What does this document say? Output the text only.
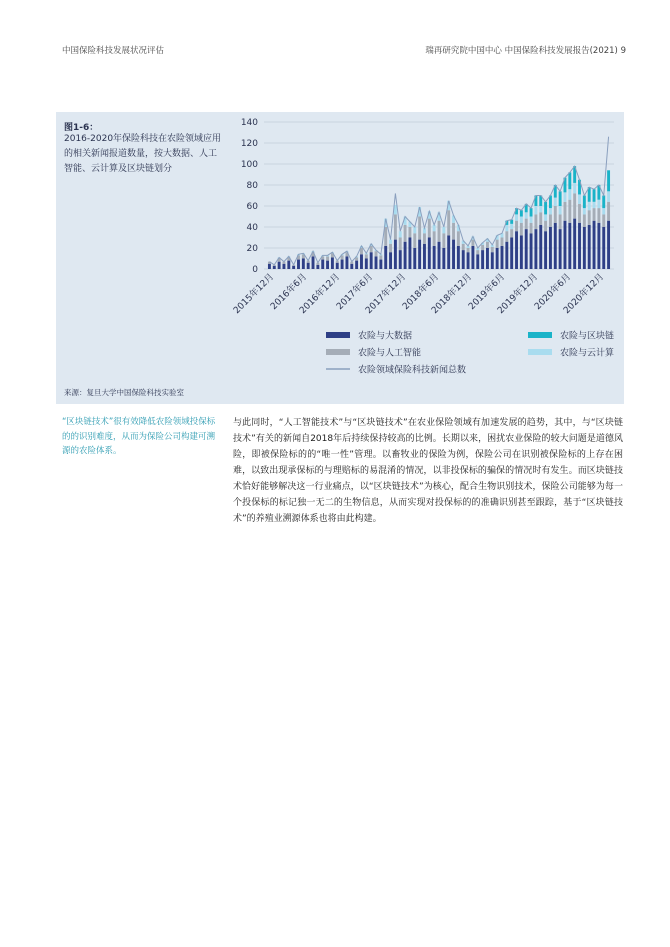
中国保险科技发展状况评估	瑞再研究院中国中心 中国保险科技发展报告(2021) 9
图1-6：
2016-2020年保险科技在农险领域应用的相关新闻报道数量，按大数据、人工智能、云计算及区块链划分
0
20
40
60
80
100
120
140
2015年12月
2016年6月
2016年12月
2017年6月
2017年12月
2018年6月
2018年12月
2019年6月
2019年12月
2020年6月
2020年12月
农险与大数据	农险与区块链
农险与人工智能	农险与云计算
农险领域保险科技新闻总数
来源：复旦大学中国保险科技实验室
“区块链技术”很有效降低农险领域投保标的的识别难度，从而为保险公司构建可溯源的农险体系。
与此同时，“人工智能技术”与“区块链技术”在农业保险领域有加速发展的趋势，其中，与“区块链技术”有关的新闻自2018年后持续保持较高的比例。长期以来，困扰农业保险的较大问题是道德风险，即被保险标的的“唯一性”管理。以畜牧业的保险为例，保险公司在识别被保险标的上存在困难，以致出现承保标的与理赔标的易混淆的情况，以非投保标的骗保的情况时有发生。而区块链技术恰好能够解决这一行业痛点，以“区块链技术”为核心，配合生物识别技术，保险公司能够为每一个投保标的标记独一无二的生物信息，从而实现对投保标的的准确识别甚至跟踪，基于“区块链技术”的养殖业溯源体系也将由此构建。
